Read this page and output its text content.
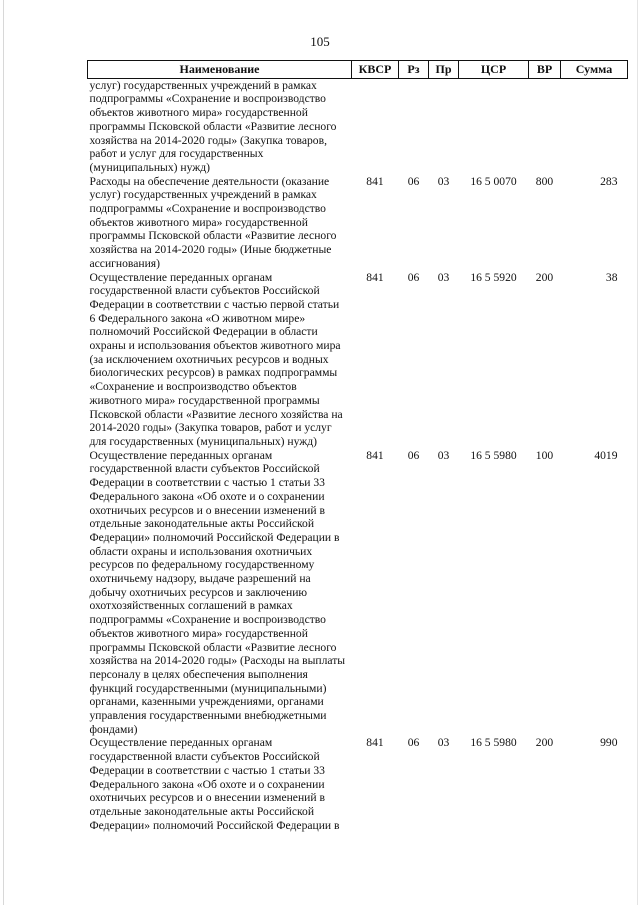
105
Наименование	КВСР	Рз	Пр	ЦСР	ВР	Сумма
услуг) государственных учреждений в рамках подпрограммы «Сохранение и воспроизводство объектов животного мира» государственной программы Псковской области «Развитие лесного хозяйства на 2014-2020 годы» (Закупка товаров, работ и услуг для государственных (муниципальных) нужд)						
Расходы на обеспечение деятельности (оказание услуг) государственных учреждений в рамках подпрограммы «Сохранение и воспроизводство объектов животного мира» государственной программы Псковской области «Развитие лесного хозяйства на 2014-2020 годы» (Иные бюджетные ассигнования)	841	06	03	16 5 0070	800	283
Осуществление переданных органам государственной власти субъектов Российской Федерации в соответствии с частью первой статьи 6 Федерального закона «О животном мире» полномочий Российской Федерации в области охраны и использования объектов животного мира (за исключением охотничьих ресурсов и водных биологических ресурсов) в рамках подпрограммы «Сохранение и воспроизводство объектов животного мира» государственной программы Псковской области «Развитие лесного хозяйства на 2014-2020 годы» (Закупка товаров, работ и услуг для государственных (муниципальных) нужд)	841	06	03	16 5 5920	200	38
Осуществление переданных органам государственной власти субъектов Российской Федерации в соответствии с частью 1 статьи 33 Федерального закона «Об охоте и о сохранении охотничьих ресурсов и о внесении изменений в отдельные законодательные акты Российской Федерации» полномочий Российской Федерации в области охраны и использования охотничьих ресурсов по федеральному государственному охотничьему надзору, выдаче разрешений на добычу охотничьих ресурсов и заключению охотхозяйственных соглашений в рамках подпрограммы «Сохранение и воспроизводство объектов животного мира» государственной программы Псковской области «Развитие лесного хозяйства на 2014-2020 годы» (Расходы на выплаты персоналу в целях обеспечения выполнения функций государственными (муниципальными) органами, казенными учреждениями, органами управления государственными внебюджетными фондами)	841	06	03	16 5 5980	100	4019
Осуществление переданных органам государственной власти субъектов Российской Федерации в соответствии с частью 1 статьи 33 Федерального закона «Об охоте и о сохранении охотничьих ресурсов и о внесении изменений в отдельные законодательные акты Российской Федерации» полномочий Российской Федерации в	841	06	03	16 5 5980	200	990
